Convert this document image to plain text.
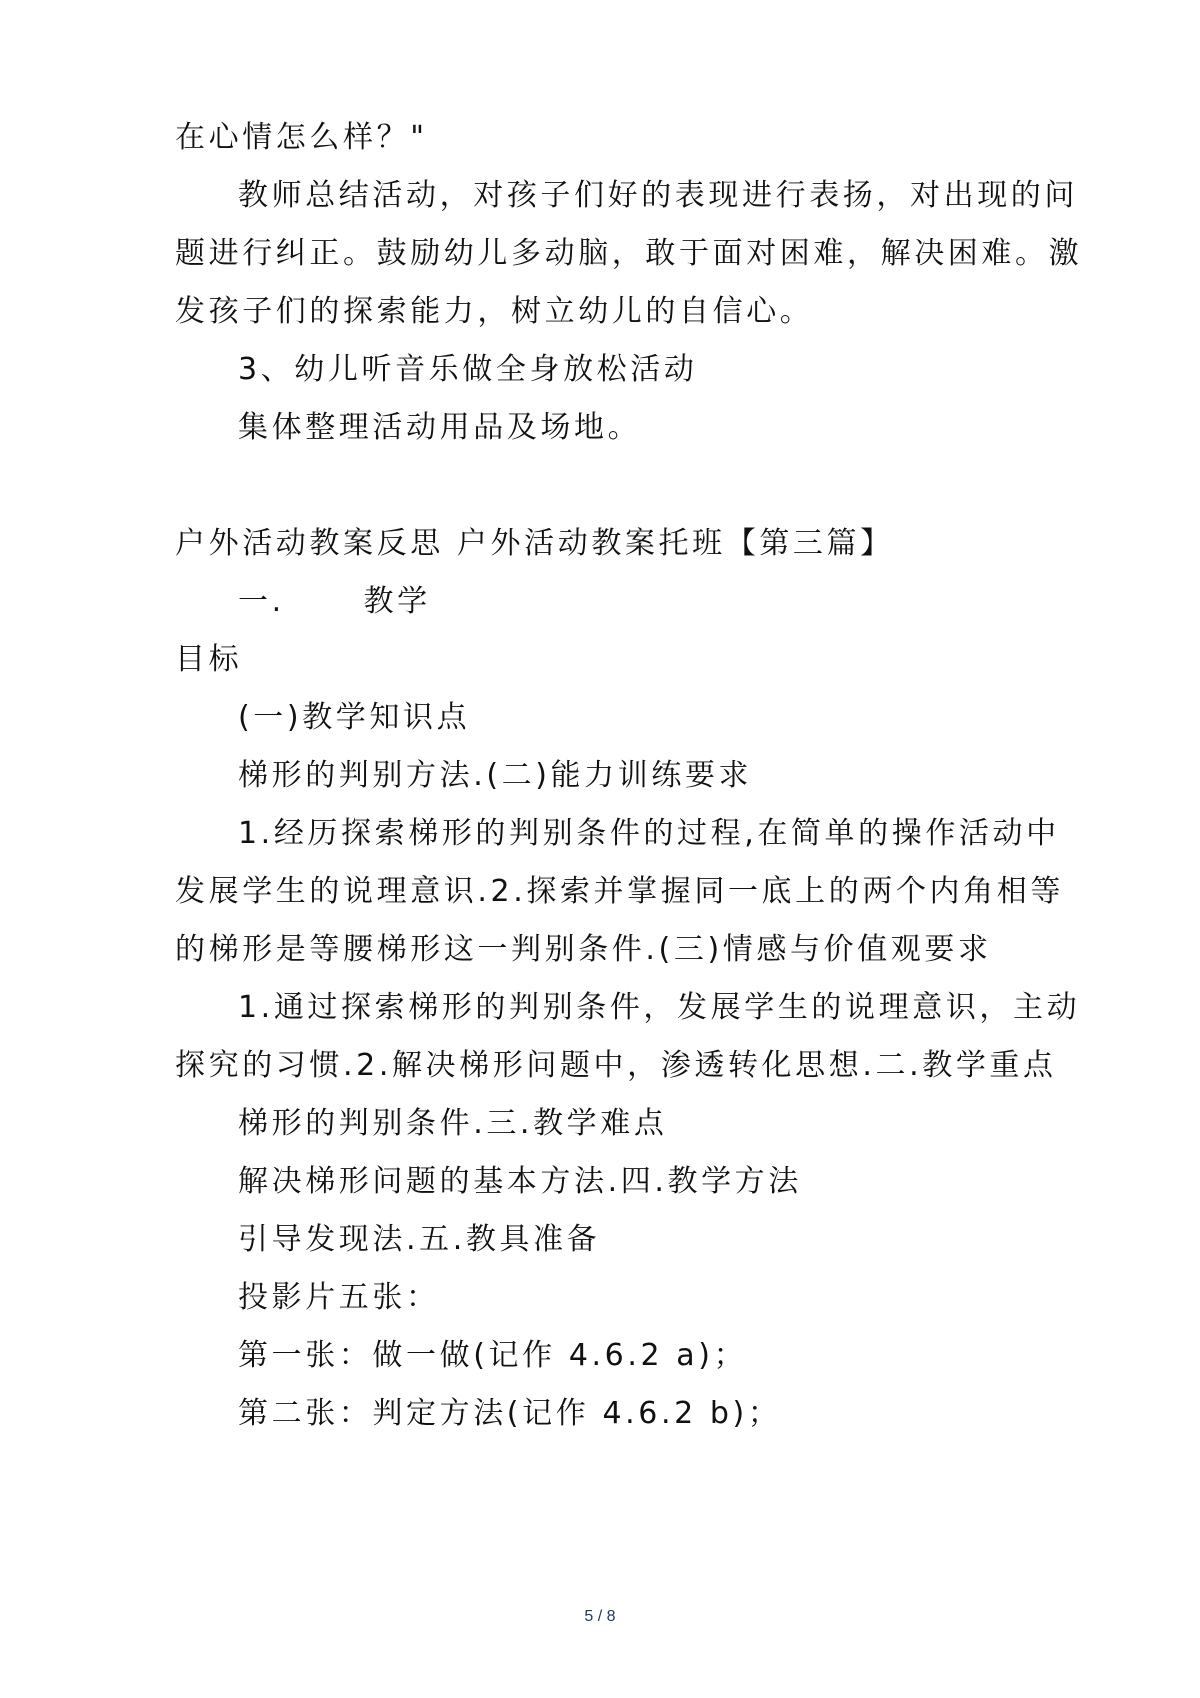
在心情怎么样？"
教师总结活动，对孩子们好的表现进行表扬，对出现的问
题进行纠正。鼓励幼儿多动脑，敢于面对困难，解决困难。激
发孩子们的探索能力，树立幼儿的自信心。
3、幼儿听音乐做全身放松活动
集体整理活动用品及场地。
户外活动教案反思 户外活动教案托班【第三篇】
一.      教学
目标
(一)教学知识点
梯形的判别方法.(二)能力训练要求
1.经历探索梯形的判别条件的过程,在简单的操作活动中
发展学生的说理意识.2.探索并掌握同一底上的两个内角相等
的梯形是等腰梯形这一判别条件.(三)情感与价值观要求
1.通过探索梯形的判别条件，发展学生的说理意识，主动
探究的习惯.2.解决梯形问题中，渗透转化思想.二.教学重点
梯形的判别条件.三.教学难点
解决梯形问题的基本方法.四.教学方法
引导发现法.五.教具准备
投影片五张：
第一张：做一做(记作 4.6.2 a)；
第二张：判定方法(记作 4.6.2 b)；
5 / 8
